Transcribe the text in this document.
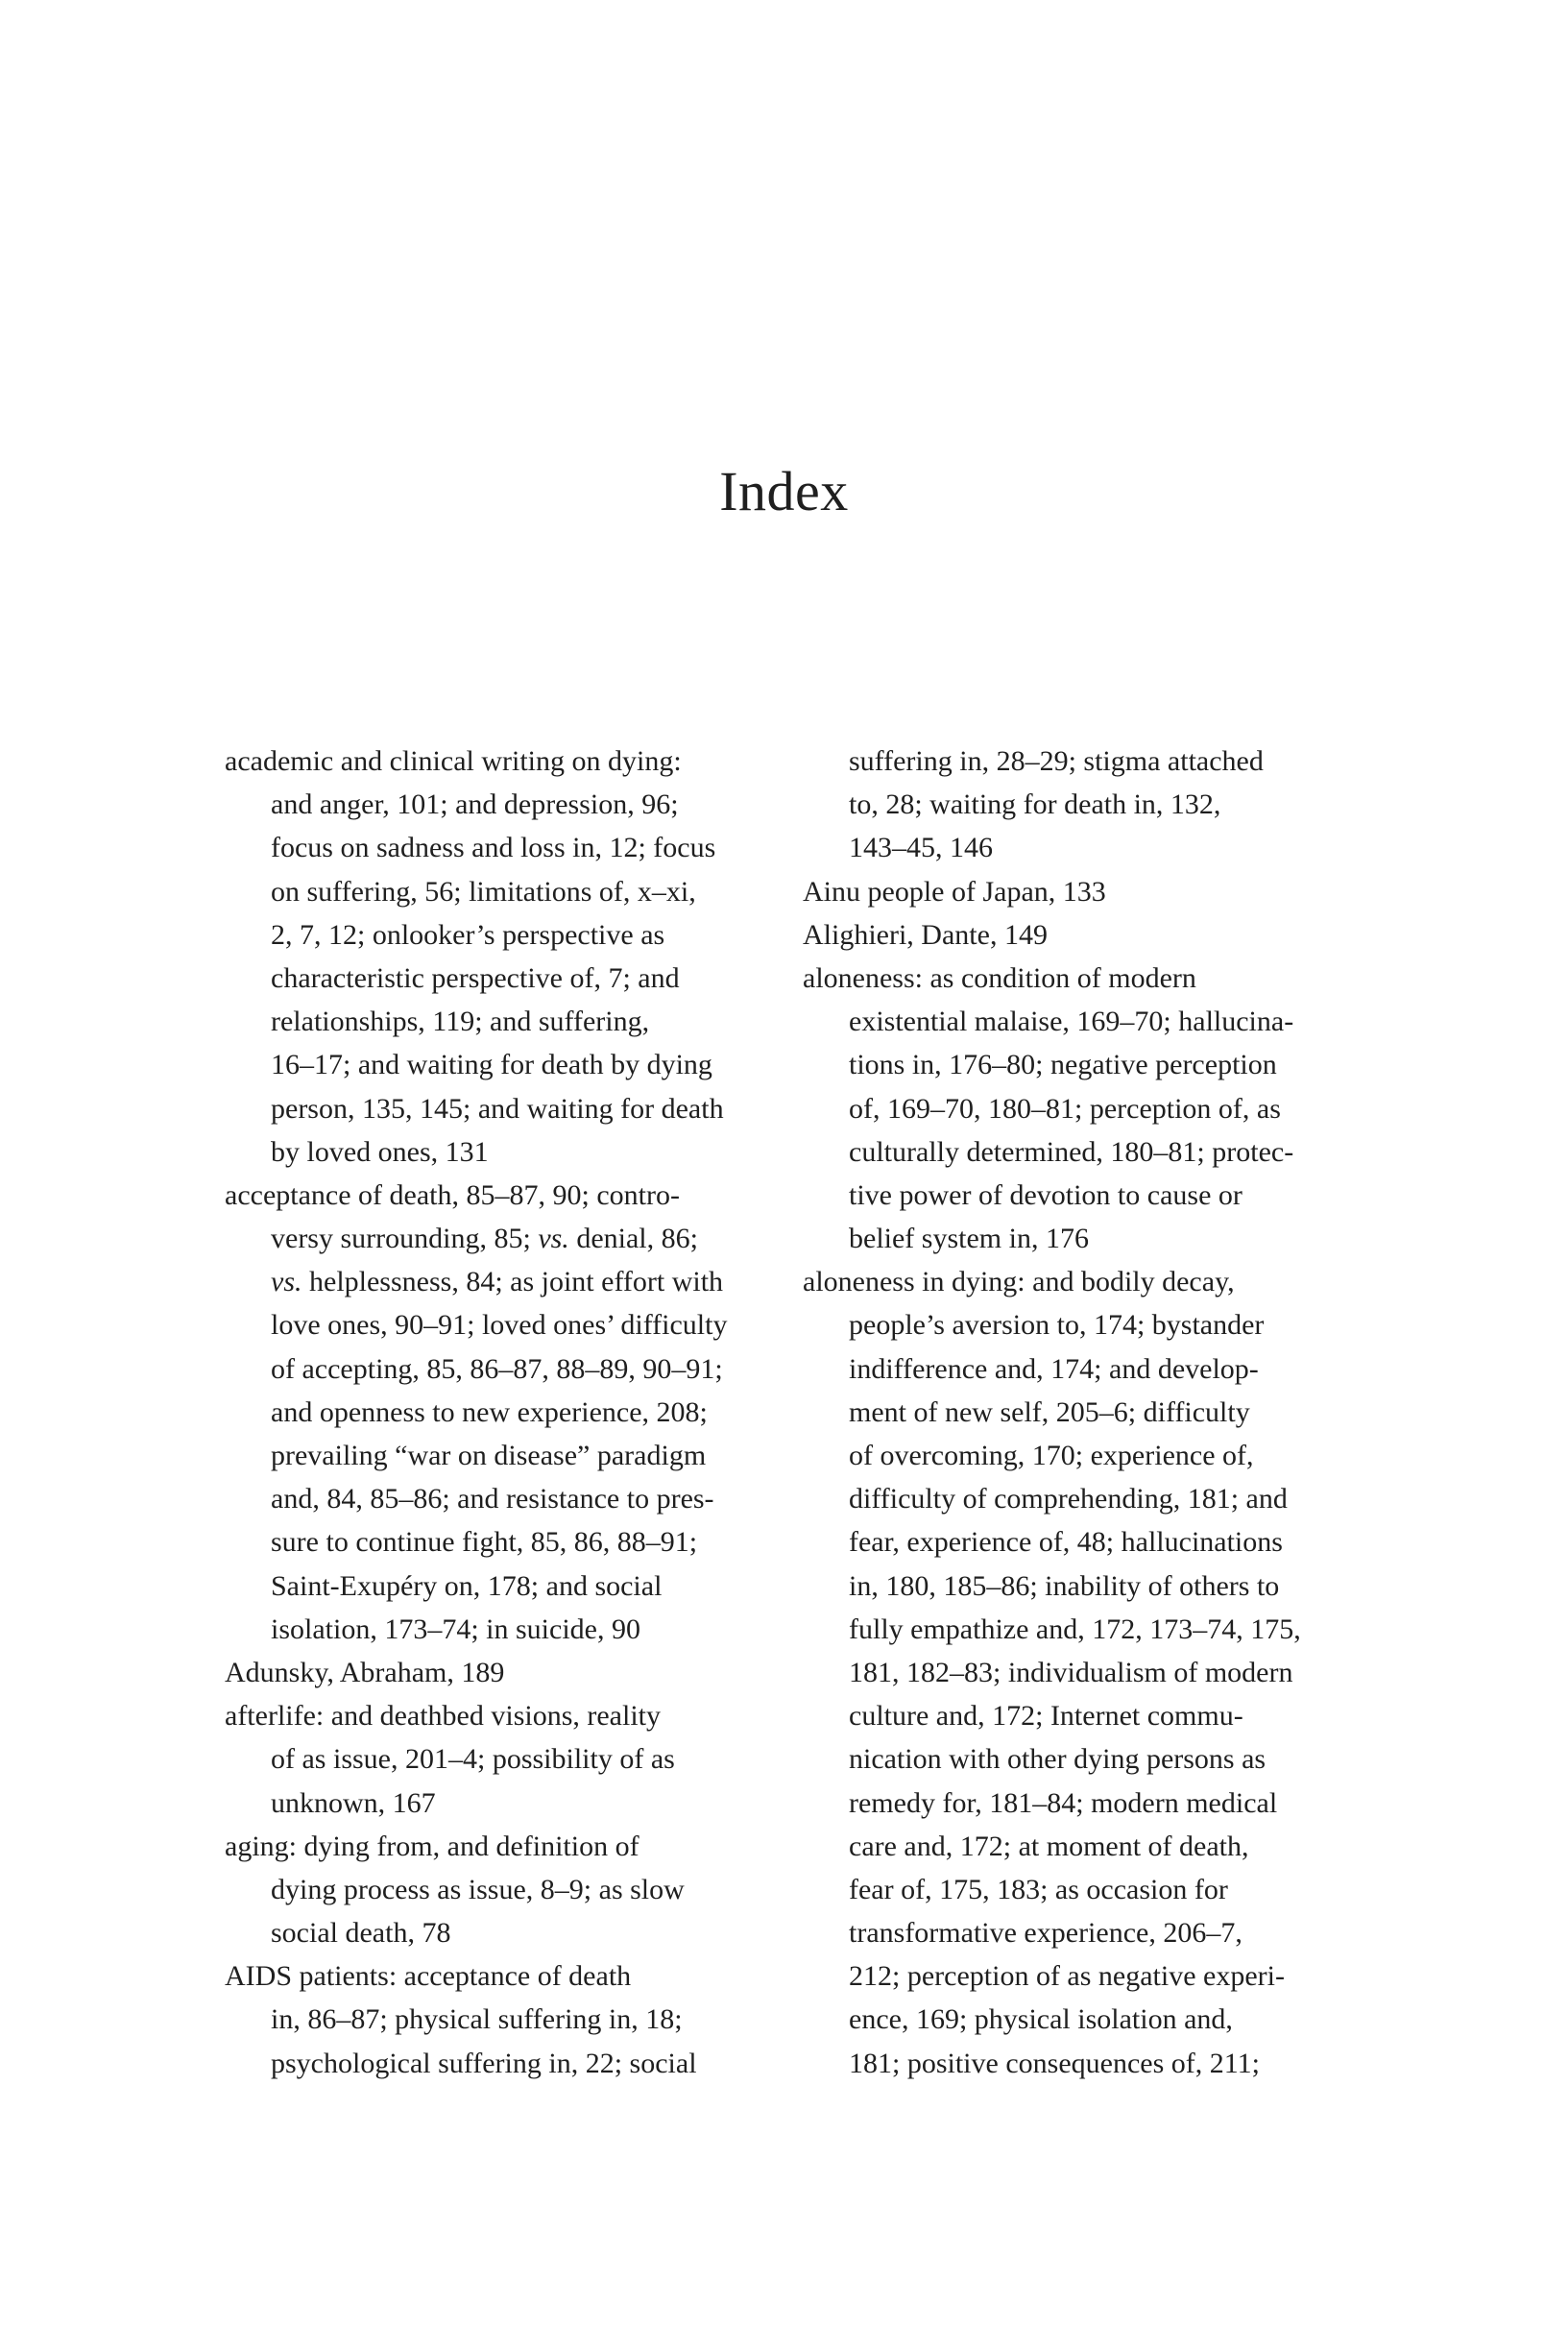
Index
academic and clinical writing on dying:
and anger, 101; and depression, 96;
focus on sadness and loss in, 12; focus
on suffering, 56; limitations of, x–xi,
2, 7, 12; onlooker’s perspective as
characteristic perspective of, 7; and
relationships, 119; and suffering,
16–17; and waiting for death by dying
person, 135, 145; and waiting for death
by loved ones, 131
acceptance of death, 85–87, 90; contro-
versy surrounding, 85; vs. denial, 86;
vs. helplessness, 84; as joint effort with
love ones, 90–91; loved ones’ difficulty
of accepting, 85, 86–87, 88–89, 90–91;
and openness to new experience, 208;
prevailing “war on disease” paradigm
and, 84, 85–86; and resistance to pres-
sure to continue fight, 85, 86, 88–91;
Saint-Exupéry on, 178; and social
isolation, 173–74; in suicide, 90
Adunsky, Abraham, 189
afterlife: and deathbed visions, reality
of as issue, 201–4; possibility of as
unknown, 167
aging: dying from, and definition of
dying process as issue, 8–9; as slow
social death, 78
AIDS patients: acceptance of death
in, 86–87; physical suffering in, 18;
psychological suffering in, 22; social
suffering in, 28–29; stigma attached
to, 28; waiting for death in, 132,
143–45, 146
Ainu people of Japan, 133
Alighieri, Dante, 149
aloneness: as condition of modern
existential malaise, 169–70; hallucina-
tions in, 176–80; negative perception
of, 169–70, 180–81; perception of, as
culturally determined, 180–81; protec-
tive power of devotion to cause or
belief system in, 176
aloneness in dying: and bodily decay,
people’s aversion to, 174; bystander
indifference and, 174; and develop-
ment of new self, 205–6; difficulty
of overcoming, 170; experience of,
difficulty of comprehending, 181; and
fear, experience of, 48; hallucinations
in, 180, 185–86; inability of others to
fully empathize and, 172, 173–74, 175,
181, 182–83; individualism of modern
culture and, 172; Internet commu-
nication with other dying persons as
remedy for, 181–84; modern medical
care and, 172; at moment of death,
fear of, 175, 183; as occasion for
transformative experience, 206–7,
212; perception of as negative experi-
ence, 169; physical isolation and,
181; positive consequences of, 211;
